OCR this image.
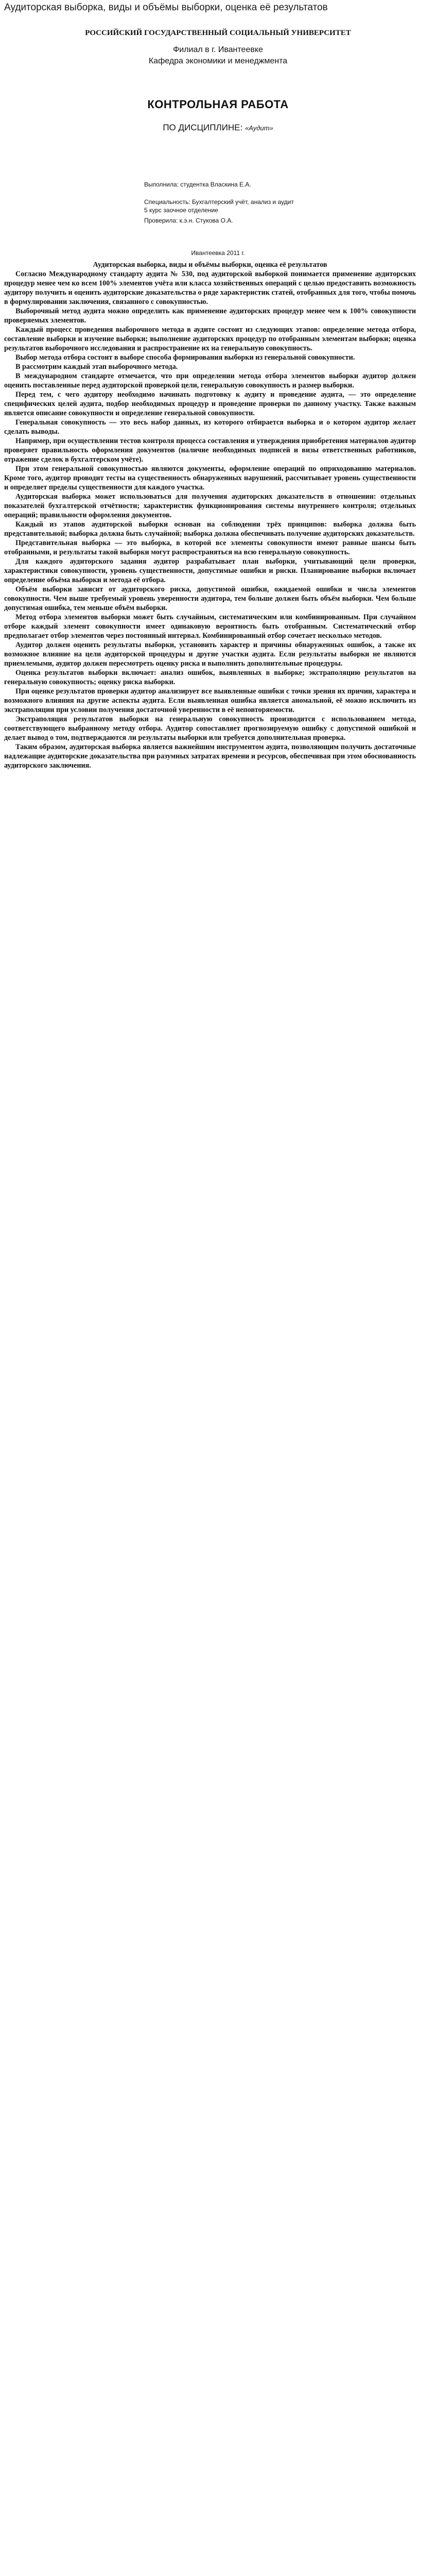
Аудиторская выборка, виды и объёмы выборки, оценка её результатов
РОССИЙСКИЙ ГОСУДАРСТВЕННЫЙ СОЦИАЛЬНЫЙ УНИВЕРСИТЕТ
Филиал в г. Ивантеевке
Кафедра экономики и менеджмента
КОНТРОЛЬНАЯ РАБОТА
ПО ДИСЦИПЛИНЕ: «Аудит»
Выполнила: студентка Власкина Е.А.
Специальность: Бухгалтерский учёт, анализ и аудит
5 курс заочное отделение
Проверила: к.э.н. Стукова О.А.
Ивантеевка 2011 г.
Аудиторская выборка, виды и объёмы выборки, оценка её результатов

Согласно Международному стандарту аудита № 530, под аудиторской выборкой понимается применение аудиторских процедур менее чем ко всем 100% элементов учёта или класса хозяйственных операций с целью предоставить возможность аудитору получить и оценить аудиторские доказательства о ряде характеристик статей, отобранных для того, чтобы помочь в формулировании заключения, связанного с совокупностью.

Выборочный метод аудита можно определить как применение аудиторских процедур менее чем к 100% совокупности проверяемых элементов.

Каждый процесс проведения выборочного метода в аудите состоит из следующих этапов: определение метода отбора, составление выборки и изучение выборки; выполнение аудиторских процедур по отобранным элементам выборки; оценка результатов выборочного исследования и распространение их на генеральную совокупность.

Выбор метода отбора состоит в выборе способа формирования выборки из генеральной совокупности.

В рассмотрим каждый этап выборочного метода.

В международном стандарте отмечается, что при определении метода отбора элементов выборки аудитор должен оценить поставленные перед аудиторской проверкой цели, генеральную совокупность и размер выборки.

Перед тем, с чего аудитору необходимо начинать подготовку к аудиту и проведение аудита, — это определение специфических целей аудита, подбор необходимых процедур и проведение проверки по данному участку. Также важным является описание совокупности и определение генеральной совокупности.

Генеральная совокупность — это весь набор данных, из которого отбирается выборка и о котором аудитор желает сделать выводы.

Например, при осуществлении тестов контроля процесса составления и утверждения приобретения материалов аудитор проверяет правильность оформления документов (наличие необходимых подписей и визы ответственных работников, отражение сделок в бухгалтерском учёте).

При этом генеральной совокупностью являются документы, оформление операций по оприходованию материалов. Кроме того, аудитор проводит тесты на существенность обнаруженных нарушений, рассчитывает уровень существенности и определяет пределы существенности для каждого участка.

Аудиторская выборка может использоваться для получения аудиторских доказательств в отношении: отдельных показателей бухгалтерской отчётности; характеристик функционирования системы внутреннего контроля; отдельных операций; правильности оформления документов.

Каждый из этапов аудиторской выборки основан на соблюдении трёх принципов: выборка должна быть представительной; выборка должна быть случайной; выборка должна обеспечивать получение аудиторских доказательств.

Представительная выборка — это выборка, в которой все элементы совокупности имеют равные шансы быть отобранными, и результаты такой выборки могут распространяться на всю генеральную совокупность.

Для каждого аудиторского задания аудитор разрабатывает план выборки, учитывающий цели проверки, характеристики совокупности, уровень существенности, допустимые ошибки и риски. Планирование выборки включает определение объёма выборки и метода её отбора.

Объём выборки зависит от аудиторского риска, допустимой ошибки, ожидаемой ошибки и числа элементов совокупности. Чем выше требуемый уровень уверенности аудитора, тем больше должен быть объём выборки. Чем больше допустимая ошибка, тем меньше объём выборки.

Метод отбора элементов выборки может быть случайным, систематическим или комбинированным. При случайном отборе каждый элемент совокупности имеет одинаковую вероятность быть отобранным. Систематический отбор предполагает отбор элементов через постоянный интервал. Комбинированный отбор сочетает несколько методов.

Аудитор должен оценить результаты выборки, установить характер и причины обнаруженных ошибок, а также их возможное влияние на цели аудиторской процедуры и другие участки аудита. Если результаты выборки не являются приемлемыми, аудитор должен пересмотреть оценку риска и выполнить дополнительные процедуры.

Оценка результатов выборки включает: анализ ошибок, выявленных в выборке; экстраполяцию результатов на генеральную совокупность; оценку риска выборки.

При оценке результатов проверки аудитор анализирует все выявленные ошибки с точки зрения их причин, характера и возможного влияния на другие аспекты аудита. Если выявленная ошибка является аномальной, её можно исключить из экстраполяции при условии получения достаточной уверенности в её неповторяемости.

Экстраполяция результатов выборки на генеральную совокупность производится с использованием метода, соответствующего выбранному методу отбора. Аудитор сопоставляет прогнозируемую ошибку с допустимой ошибкой и делает вывод о том, подтверждаются ли результаты выборки или требуется дополнительная проверка.

Таким образом, аудиторская выборка является важнейшим инструментом аудита, позволяющим получить достаточные надлежащие аудиторские доказательства при разумных затратах времени и ресурсов, обеспечивая при этом обоснованность аудиторского заключения.
